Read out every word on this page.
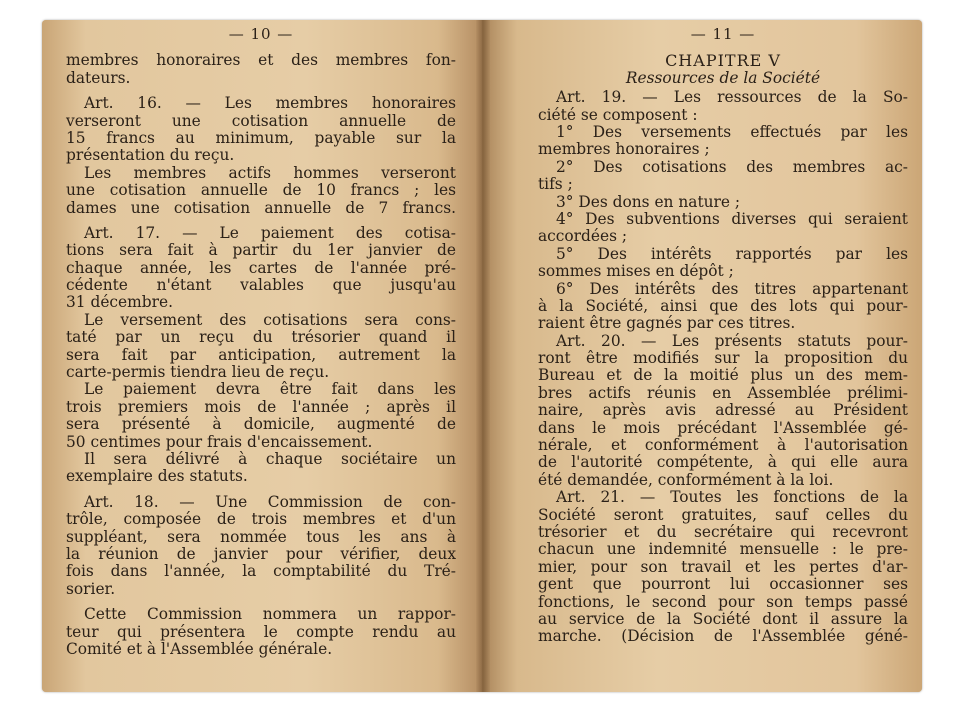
— 10 —
membres honoraires et des membres fon-
dateurs.
Art. 16. — Les membres honoraires
verseront une cotisation annuelle de
15 francs au minimum, payable sur la
présentation du reçu.
Les membres actifs hommes verseront
une cotisation annuelle de 10 francs ; les
dames une cotisation annuelle de 7 francs.
Art. 17. — Le paiement des cotisa-
tions sera fait à partir du 1er janvier de
chaque année, les cartes de l'année pré-
cédente n'étant valables que jusqu'au
31 décembre.
Le versement des cotisations sera cons-
taté par un reçu du trésorier quand il
sera fait par anticipation, autrement la
carte-permis tiendra lieu de reçu.
Le paiement devra être fait dans les
trois premiers mois de l'année ; après il
sera présenté à domicile, augmenté de
50 centimes pour frais d'encaissement.
Il sera délivré à chaque sociétaire un
exemplaire des statuts.
Art. 18. — Une Commission de con-
trôle, composée de trois membres et d'un
suppléant, sera nommée tous les ans à
la réunion de janvier pour vérifier, deux
fois dans l'année, la comptabilité du Tré-
sorier.
Cette Commission nommera un rappor-
teur qui présentera le compte rendu au
Comité et à l'Assemblée générale.
— 11 —
CHAPITRE V
Ressources de la Société
Art. 19. — Les ressources de la So-
ciété se composent :
1° Des versements effectués par les
membres honoraires ;
2° Des cotisations des membres ac-
tifs ;
3° Des dons en nature ;
4° Des subventions diverses qui seraient
accordées ;
5° Des intérêts rapportés par les
sommes mises en dépôt ;
6° Des intérêts des titres appartenant
à la Société, ainsi que des lots qui pour-
raient être gagnés par ces titres.
Art. 20. — Les présents statuts pour-
ront être modifiés sur la proposition du
Bureau et de la moitié plus un des mem-
bres actifs réunis en Assemblée prélimi-
naire, après avis adressé au Président
dans le mois précédant l'Assemblée gé-
nérale, et conformément à l'autorisation
de l'autorité compétente, à qui elle aura
été demandée, conformément à la loi.
Art. 21. — Toutes les fonctions de la
Société seront gratuites, sauf celles du
trésorier et du secrétaire qui recevront
chacun une indemnité mensuelle : le pre-
mier, pour son travail et les pertes d'ar-
gent que pourront lui occasionner ses
fonctions, le second pour son temps passé
au service de la Société dont il assure la
marche. (Décision de l'Assemblée géné-
